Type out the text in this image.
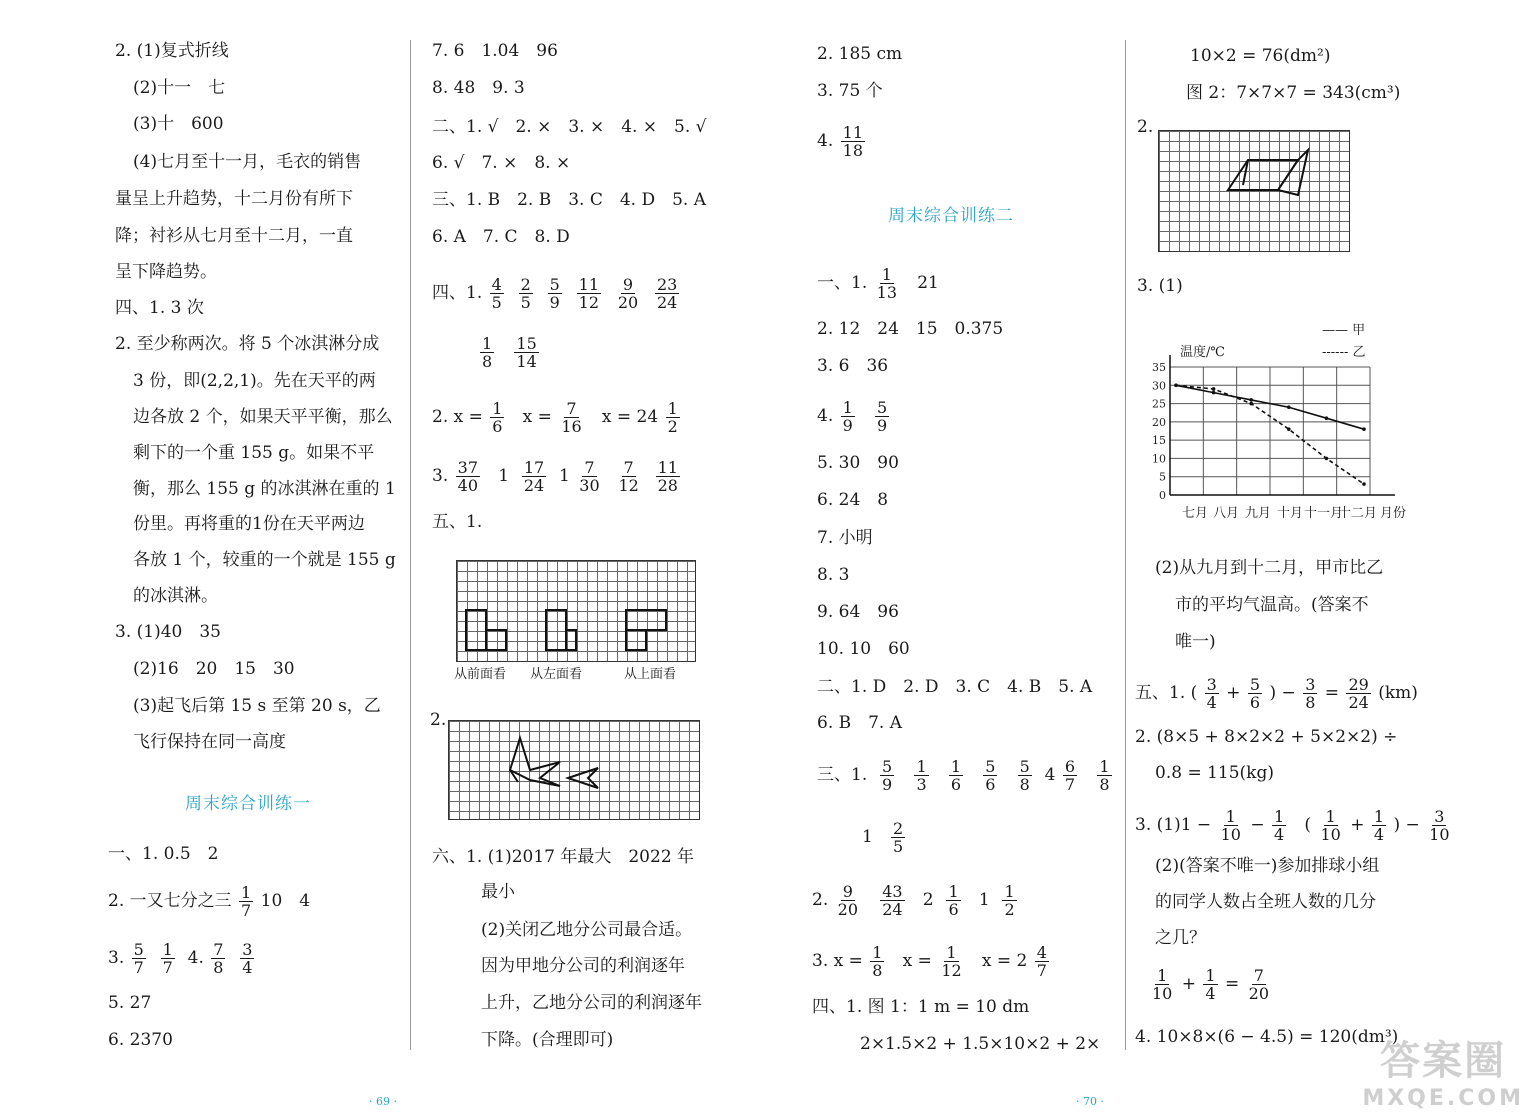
2. (1)复式折线
(2)十一　七
(3)十　600
(4)七月至十一月，毛衣的销售
量呈上升趋势，十二月份有所下
降；衬衫从七月至十二月，一直
呈下降趋势。
四、1. 3 次
2. 至少称两次。将 5 个冰淇淋分成
3 份，即(2,2,1)。先在天平的两
边各放 2 个，如果天平平衡，那么
剩下的一个重 155 g。如果不平
衡，那么 155 g 的冰淇淋在重的 1
份里。再将重的1份在天平两边
各放 1 个，较重的一个就是 155 g
的冰淇淋。
3. (1)40　35
(2)16　20　15　30
(3)起飞后第 15 s 至第 20 s，乙
飞行保持在同一高度
周末综合训练一
一、1. 0.5　2
2. 一又七分之三 $\frac{1}{7} 10$　4
3. $\frac{5}{7}$
$\frac{1}{7} 4$. $\frac{7}{8}$
$\frac{3}{4}$
5. 27
6. 2370
· 69 ·
7. 6　1.04　96
8. 48　9. 3
二、1. √　2. ×　3. ×　4. ×　5. √
6. √　7. ×　8. ×
三、1. B　2. B　3. C　4. D　5. A
6. A　7. C　8. D
四、1. $\frac{4}{5}$
$\frac{2}{5}$
$\frac{5}{9}$
$\frac{11}{12}$
$\frac{9}{20}$
$\frac{23}{24}$
$\frac{1}{8}$
$\frac{15}{14}$
2. $x = \frac{1}{6}$ $x = \frac{7}{16}$ $x = 24 \frac{1}{2}$
3. $\frac{37}{40} 1 \frac{17}{24} 1 \frac{7}{30}$
$\frac{7}{12}$
$\frac{11}{28}$
五、1.
从前面看 从左面看	从上面看
2.
六、1. (1)2017 年最大　2022 年
最小
(2)关闭乙地分公司最合适。
因为甲地分公司的利润逐年
上升，乙地分公司的利润逐年
下降。(合理即可)
2. 185 cm
3. 75 个
4. $\frac{11}{18}$
周末综合训练二
一、1. $\frac{1}{13} 21$
2. 12　24　15　0.375
3. 6　36
4. $\frac{1}{9}$
$\frac{5}{9}$
5. 30　90
6. 24　8
7. 小明
8. 3
9. 64　96
10. 10　60
二、1. D　2. D　3. C　4. B　5. A
6. B　7. A
三、1. $\frac{5}{9}$
$\frac{1}{3}$
$\frac{1}{6}$
$\frac{5}{6}$
$\frac{5}{8} 4 \frac{6}{7}$
$\frac{1}{8}$
$1 \frac{2}{5}$
2. $\frac{9}{20}$
$\frac{43}{24} 2 \frac{1}{6} 1 \frac{1}{2}$
3. $x = \frac{1}{8}$ $x = \frac{1}{12}$ $x = 2 \frac{4}{7}$
四、1. 图 1：1 m = 10 dm
2×1.5×2 + 1.5×10×2 + 2×
· 70 ·
10×2 = 76(dm²)
图 2：7×7×7 = 343(cm³)
2.
3. (1)
—— 甲
------ 乙
温度/℃
0
5
10
15
20
25
30
35
七月 八月 九月 十月 十一月
十二月 月份
(2)从九月到十二月，甲市比乙
市的平均气温高。(答案不
唯一)
五、1. ( $\frac{3}{4} + \frac{5}{6}$ ) − $\frac{3}{8} = \frac{29}{24} (km)$
2. (8×5 + 8×2×2 + 5×2×2) ÷
0.8 = 115(kg)
3. $(1)1 - \frac{1}{10} - \frac{1}{4}$ ( $\frac{1}{10} + \frac{1}{4}$ ) − $\frac{3}{10}$
(2)(答案不唯一)参加排球小组
的同学人数占全班人数的几分
之几？
$\frac{1}{10} + \frac{1}{4} = \frac{7}{20}$
4. 10×8×(6 − 4.5) = 120(dm³)
答案圈
MXQE.COM
